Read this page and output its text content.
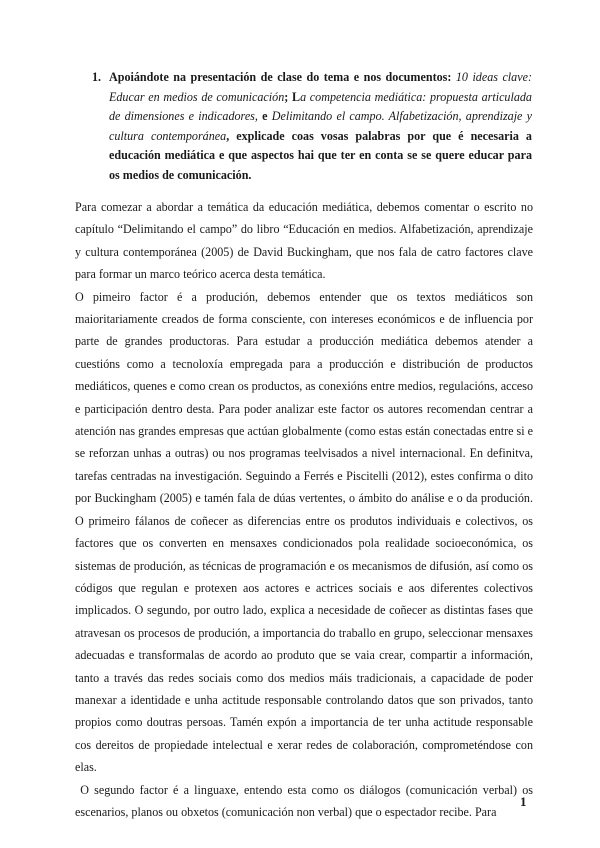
1. Apoiándote na presentación de clase do tema e nos documentos: 10 ideas clave: Educar en medios de comunicación; La competencia mediática: propuesta articulada de dimensiones e indicadores, e Delimitando el campo. Alfabetización, aprendizaje y cultura contemporánea, explicade coas vosas palabras por que é necesaria a educación mediática e que aspectos hai que ter en conta se se quere educar para os medios de comunicación.

Para comezar a abordar a temática da educación mediática, debemos comentar o escrito no capítulo “Delimitando el campo” do libro “Educación en medios. Alfabetización, aprendizaje y cultura contemporánea (2005) de David Buckingham, que nos fala de catro factores clave para formar un marco teórico acerca desta temática.

O pimeiro factor é a produción, debemos entender que os textos mediáticos son maioritariamente creados de forma consciente, con intereses económicos e de influencia por parte de grandes productoras. Para estudar a producción mediática debemos atender a cuestións como a tecnoloxía empregada para a producción e distribución de productos mediáticos, quenes e como crean os productos, as conexións entre medios, regulacións, acceso e participación dentro desta. Para poder analizar este factor os autores recomendan centrar a atención nas grandes empresas que actúan globalmente (como estas están conectadas entre si e se reforzan unhas a outras) ou nos programas teelvisados a nivel internacional. En definitva, tarefas centradas na investigación. Seguindo a Ferrés e Piscitelli (2012), estes confirma o dito por Buckingham (2005) e tamén fala de dúas vertentes, o ámbito do análise e o da produción. O primeiro fálanos de coñecer as diferencias entre os produtos individuais e colectivos, os factores que os converten en mensaxes condicionados pola realidade socioeconómica, os sistemas de produción, as técnicas de programación e os mecanismos de difusión, así como os códigos que regulan e protexen aos actores e actrices sociais e aos diferentes colectivos implicados. O segundo, por outro lado, explica a necesidade de coñecer as distintas fases que atravesan os procesos de produción, a importancia do traballo en grupo, seleccionar mensaxes adecuadas e transformalas de acordo ao produto que se vaia crear, compartir a información, tanto a través das redes sociais como dos medios máis tradicionais, a capacidade de poder manexar a identidade e unha actitude responsable controlando datos que son privados, tanto propios como doutras persoas. Tamén expón a importancia de ter unha actitude responsable cos dereitos de propiedade intelectual e xerar redes de colaboración, comprometéndose con elas.

O segundo factor é a linguaxe, entendo esta como os diálogos (comunicación verbal) os escenarios, planos ou obxetos (comunicación non verbal) que o espectador recibe. Para

1
